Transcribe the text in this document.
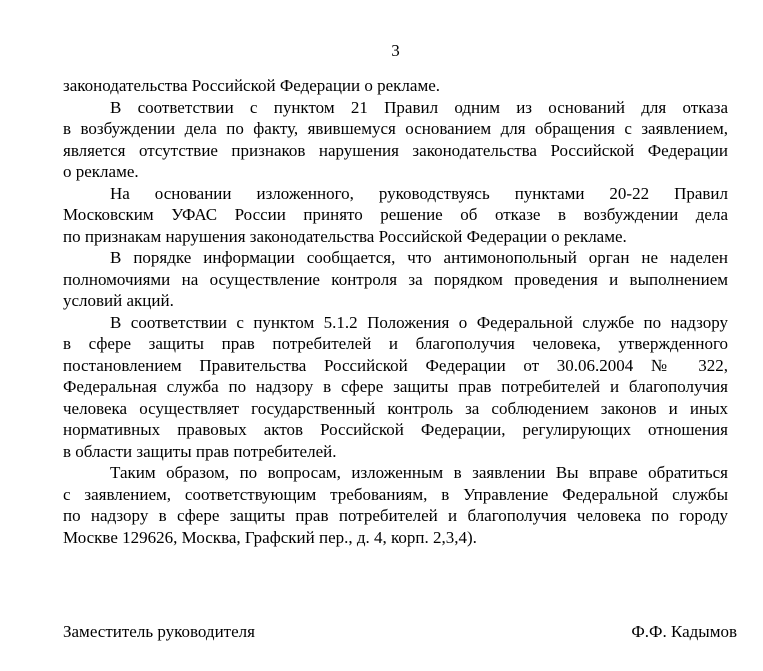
3
законодательства Российской Федерации о рекламе.
В соответствии с пунктом 21 Правил одним из оснований для отказа
в возбуждении дела по факту, явившемуся основанием для обращения с заявлением,
является отсутствие признаков нарушения законодательства Российской Федерации
о рекламе.
На основании изложенного, руководствуясь пунктами 20-22 Правил
Московским УФАС России принято решение об отказе в возбуждении дела
по признакам нарушения законодательства Российской Федерации о рекламе.
В порядке информации сообщается, что антимонопольный орган не наделен
полномочиями на осуществление контроля за порядком проведения и выполнением
условий акций.
В соответствии с пунктом 5.1.2 Положения о Федеральной службе по надзору
в сфере защиты прав потребителей и благополучия человека, утвержденного
постановлением Правительства Российской Федерации от 30.06.2004 № 322,
Федеральная служба по надзору в сфере защиты прав потребителей и благополучия
человека осуществляет государственный контроль за соблюдением законов и иных
нормативных правовых актов Российской Федерации, регулирующих отношения
в области защиты прав потребителей.
Таким образом, по вопросам, изложенным в заявлении Вы вправе обратиться
с заявлением, соответствующим требованиям, в Управление Федеральной службы
по надзору в сфере защиты прав потребителей и благополучия человека по городу
Москве 129626, Москва, Графский пер., д. 4, корп. 2,3,4).
Заместитель руководителя	Ф.Ф. Кадымов
